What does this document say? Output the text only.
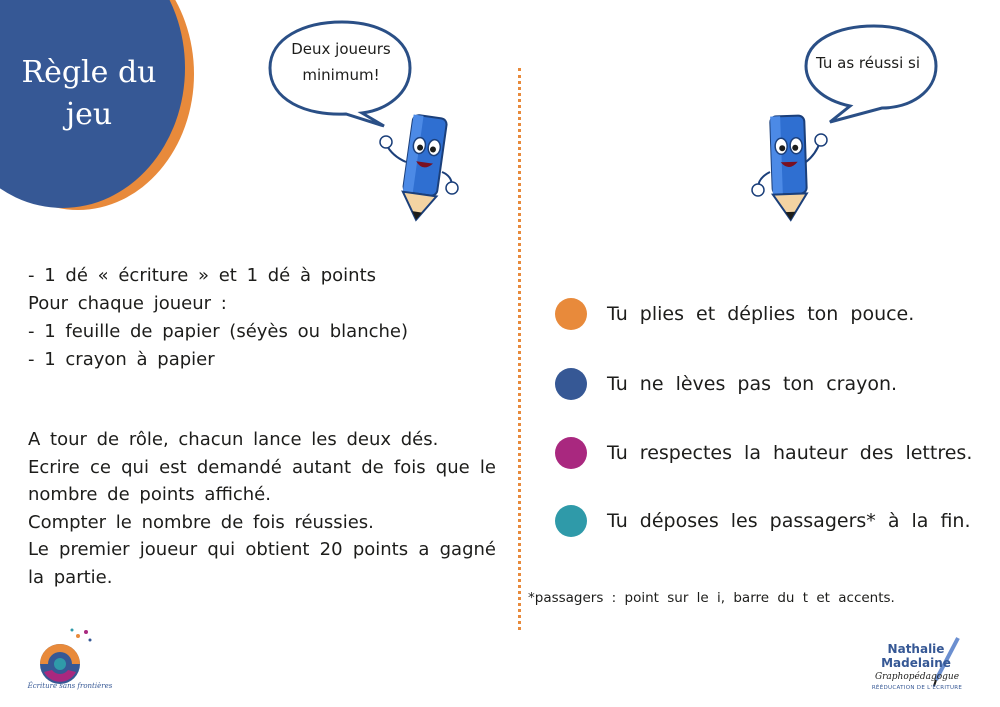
Règle du
jeu
Deux joueurs
minimum!
Tu as réussi si
- 1 dé « écriture » et 1 dé à points
Pour chaque joueur :
- 1 feuille de papier (séyès ou blanche)
- 1 crayon à papier
A tour de rôle, chacun lance les deux dés.
Ecrire ce qui est demandé autant de fois que le nombre de points affiché.
Compter le nombre de fois réussies.
Le premier joueur qui obtient 20 points a gagné la partie.
Tu plies et déplies ton pouce.
Tu ne lèves pas ton crayon.
Tu respectes la hauteur des lettres.
Tu déposes les passagers* à la fin.
*passagers : point sur le i, barre du t et accents.
Écriture sans frontières
Nathalie
Madelaine
Graphopédagogue
RÉÉDUCATION DE L'ÉCRITURE
